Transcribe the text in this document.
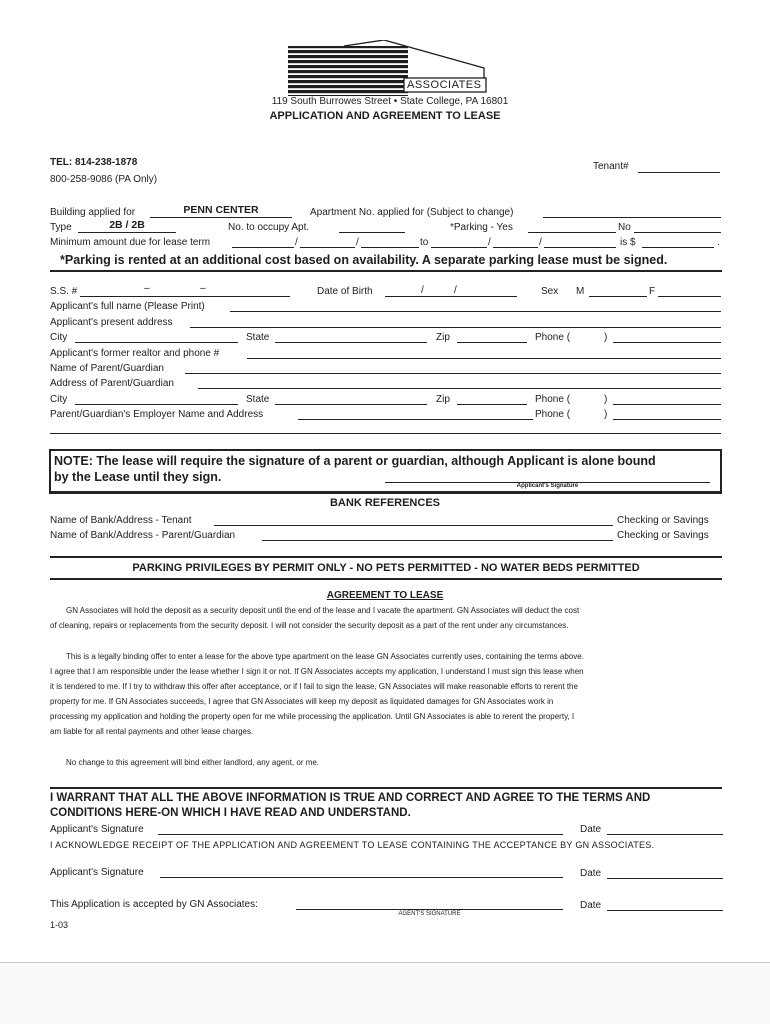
ASSOCIATES
119 South Burrowes Street • State College, PA 16801
APPLICATION AND AGREEMENT TO LEASE
TEL: 814-238-1878
800-258-9086 (PA Only)
Tenant#
Building applied for	PENN CENTER	Apartment No. applied for (Subject to change)
Type	2B / 2B	No. to occupy Apt.	*Parking - Yes	No
Minimum amount due for lease term	/	/	to	/	/	is $	.
*Parking is rented at an additional cost based on availability. A separate parking lease must be signed.
S.S. #	–	–	Date of Birth	/	/	Sex M	F
Applicant's full name (Please Print)
Applicant's present address
City	State	Zip	Phone (	)
Applicant's former realtor and phone #
Name of Parent/Guardian
Address of Parent/Guardian
City	State	Zip	Phone (	)
Parent/Guardian's Employer Name and Address	Phone (	)
NOTE: The lease will require the signature of a parent or guardian, although Applicant is alone bound
by the Lease until they sign.
Applicant's Signature
BANK REFERENCES
Name of Bank/Address - Tenant	Checking or Savings
Name of Bank/Address - Parent/Guardian	Checking or Savings
PARKING PRIVILEGES BY PERMIT ONLY - NO PETS PERMITTED - NO WATER BEDS PERMITTED
AGREEMENT TO LEASE
GN Associates will hold the deposit as a security deposit until the end of the lease and I vacate the apartment. GN Associates will deduct the cost
of cleaning, repairs or replacements from the security deposit. I will not consider the security deposit as a part of the rent under any circumstances.
This is a legally binding offer to enter a lease for the above type apartment on the lease GN Associates currently uses, containing the terms above.
I agree that I am responsible under the lease whether I sign it or not. If GN Associates accepts my application, I understand I must sign this lease when
it is tendered to me. If I try to withdraw this offer after acceptance, or if I fail to sign the lease, GN Associates will make reasonable efforts to rerent the
property for me. If GN Associates succeeds, I agree that GN Associates will keep my deposit as liquidated damages for GN Associates work in
processing my application and holding the property open for me while processing the application. Until GN Associates is able to rerent the property, I
am liable for all rental payments and other lease charges.
No change to this agreement will bind either landlord, any agent, or me.
I WARRANT THAT ALL THE ABOVE INFORMATION IS TRUE AND CORRECT AND AGREE TO THE TERMS AND
CONDITIONS HERE-ON WHICH I HAVE READ AND UNDERSTAND.
Applicant's Signature	Date
I ACKNOWLEDGE RECEIPT OF THE APPLICATION AND AGREEMENT TO LEASE CONTAINING THE ACCEPTANCE BY GN ASSOCIATES.
Applicant's Signature	Date
This Application is accepted by GN Associates:
AGENT'S SIGNATURE
Date
1-03
